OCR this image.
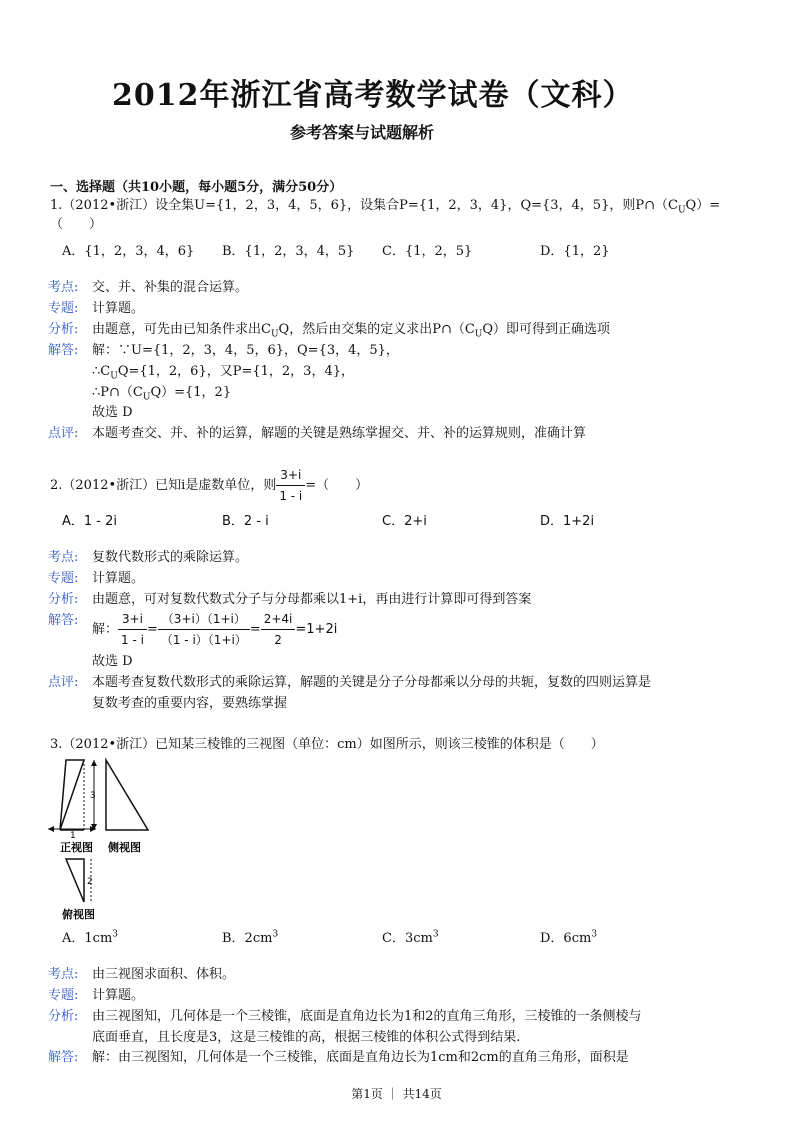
2012年浙江省高考数学试卷（文科）
参考答案与试题解析
一、选择题（共10小题，每小题5分，满分50分）
1.（2012•浙江）设全集U={1，2，3，4，5，6}，设集合P={1，2，3，4}，Q={3，4，5}，则$P\cap(C_UQ)=$
（　　）
A．{1，2，3，4，6} B．{1，2，3，4，5} C．{1，2，5}	D．{1，2}
考点: 交、并、补集的混合运算。
专题: 计算题。
分析: 由题意，可先由已知条件求出$C_UQ$，然后由交集的定义求出$P\cap(C_UQ)$即可得到正确选项
解答: 解：∵U={1，2，3，4，5，6}，Q={3，4，5}，
$\therefore C_UQ=\{1$，2，6}，又P={1，2，3，4}，
$\therefore P\cap(C_UQ)=\{1$，2}
故选 D
点评: 本题考查交、并、补的运算，解题的关键是熟练掌握交、并、补的运算规则，准确计算
2.（2012•浙江）已知i是虚数单位，则 $\frac{3+i}{1 - i}$ =（　　）
A．1 - 2i	B．2 - i	C．2+i	D．1+2i
考点: 复数代数形式的乘除运算。
专题: 计算题。
分析: 由题意，可对复数代数式分子与分母都乘以1+i，再由进行计算即可得到答案
解答:
解： $\frac{3+i}{1 - i} = \frac{(3+i)(1+i)}{(1 - i)(1+i)} = \frac{2+4i}{2} =1+2i$
故选 D
点评: 本题考查复数代数形式的乘除运算，解题的关键是分子分母都乘以分母的共轭，复数的四则运算是
复数考查的重要内容，要熟练掌握
3.（2012•浙江）已知某三棱锥的三视图（单位：cm）如图所示，则该三棱锥的体积是（　　）
3
1
正视图 侧视图
2
俯视图
A．$1cm^3$	B．$2cm^3$	C．$3cm^3$	D．$6cm^3$
考点: 由三视图求面积、体积。
专题: 计算题。
分析: 由三视图知，几何体是一个三棱锥，底面是直角边长为1和2的直角三角形，三棱锥的一条侧棱与
底面垂直，且长度是3，这是三棱锥的高，根据三棱锥的体积公式得到结果.
解答: 解：由三视图知，几何体是一个三棱锥，底面是直角边长为1cm和2cm的直角三角形，面积是
第1页 ｜ 共14页
